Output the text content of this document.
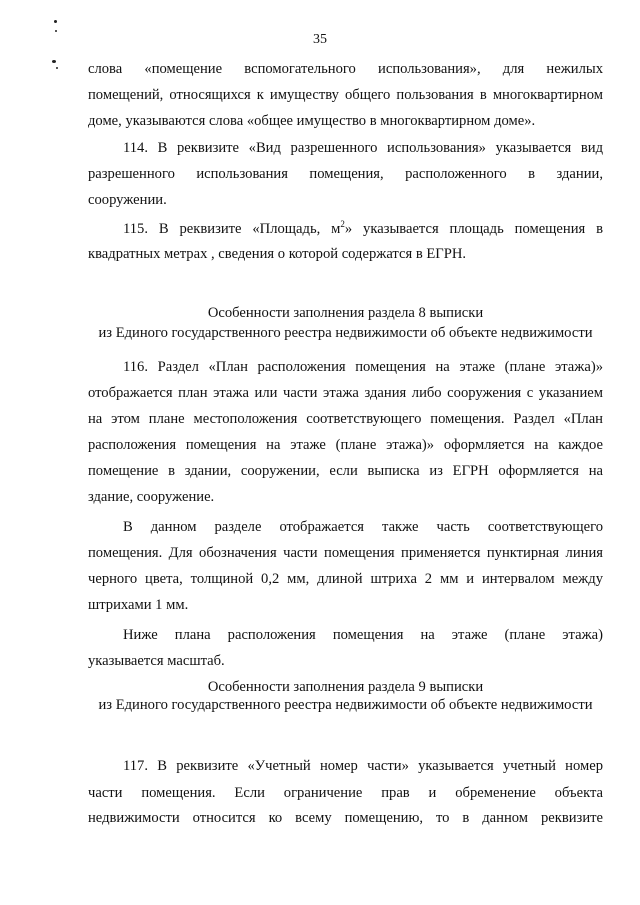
35
слова «помещение вспомогательного использования», для нежилых
помещений, относящихся к имуществу общего пользования в многоквартирном
доме, указываются слова «общее имущество в многоквартирном доме».
114. В реквизите «Вид разрешенного использования» указывается вид
разрешенного использования помещения, расположенного в здании,
сооружении.
115. В реквизите «Площадь, $м^2$» указывается площадь помещения в
квадратных метрах , сведения о которой содержатся в ЕГРН.
Особенности заполнения раздела 8 выписки
из Единого государственного реестра недвижимости об объекте недвижимости
116. Раздел «План расположения помещения на этаже (плане этажа)»
отображается план этажа или части этажа здания либо сооружения с указанием
на этом плане местоположения соответствующего помещения. Раздел «План
расположения помещения на этаже (плане этажа)» оформляется на каждое
помещение в здании, сооружении, если выписка из ЕГРН оформляется на
здание, сооружение.
В данном разделе отображается также часть соответствующего
помещения. Для обозначения части помещения применяется пунктирная линия
черного цвета, толщиной 0,2 мм, длиной штриха 2 мм и интервалом между
штрихами 1 мм.
Ниже плана расположения помещения на этаже (плане этажа)
указывается масштаб.
Особенности заполнения раздела 9 выписки
из Единого государственного реестра недвижимости об объекте недвижимости
117. В реквизите «Учетный номер части» указывается учетный номер
части помещения. Если ограничение прав и обременение объекта
недвижимости относится ко всему помещению, то в данном реквизите
